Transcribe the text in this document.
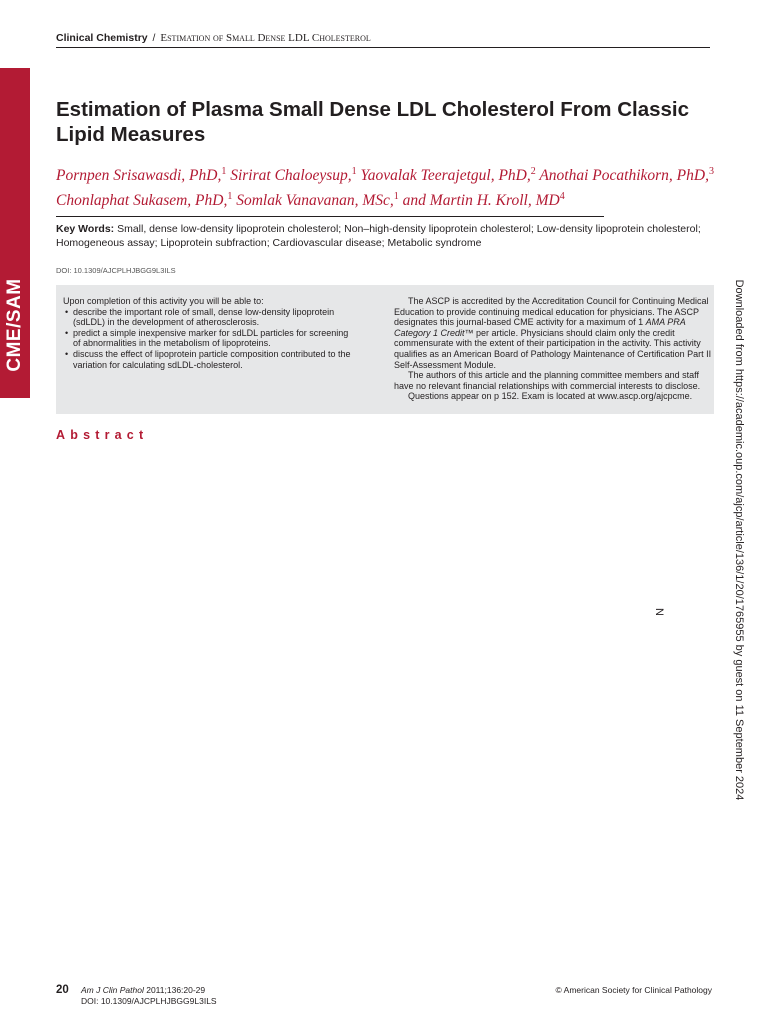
Clinical Chemistry / Estimation of Small Dense LDL Cholesterol
CME/SAM
Estimation of Plasma Small Dense LDL Cholesterol From Classic Lipid Measures
Pornpen Srisawasdi, PhD,$^1$ Sirirat Chaloeysup,$^1$ Yaovalak Teerajetgul, PhD,$^2$ Anothai Pocathikorn, PhD,$^3$
Chonlaphat Sukasem, PhD,$^1$ Somlak Vanavanan, MSc,$^1$ and Martin H. Kroll, $MD^4$
Key Words: Small, dense low-density lipoprotein cholesterol; Non–high-density lipoprotein cholesterol; Low-density lipoprotein cholesterol; Homogeneous assay; Lipoprotein subfraction; Cardiovascular disease; Metabolic syndrome
DOI: 10.1309/AJCPLHJBGG9L3ILS
Upon completion of this activity you will be able to:
• describe the important role of small, dense low-density lipoprotein (sdLDL) in the development of atherosclerosis.
• predict a simple inexpensive marker for sdLDL particles for screening of abnormalities in the metabolism of lipoproteins.
• discuss the effect of lipoprotein particle composition contributed to the variation for calculating sdLDL-cholesterol.

The ASCP is accredited by the Accreditation Council for Continuing Medical Education to provide continuing medical education for physicians. The ASCP designates this journal-based CME activity for a maximum of 1 AMA PRA Category 1 Credit™ per article. Physicians should claim only the credit commensurate with the extent of their participation in the activity. This activity qualifies as an American Board of Pathology Maintenance of Certification Part II Self-Assessment Module.

The authors of this article and the planning committee members and staff have no relevant financial relationships with commercial interests to disclose.

Questions appear on p 152. Exam is located at www.ascp.org/ajcpcme.

Abstract	Downloaded from https://academic.oup.com/ajcp/article/136/1/20/1765955 by guest on 11 September 2024
N
20 Am J Clin Pathol 2011;136:20-29
DOI: 10.1309/AJCPLHJBGG9L3ILS
© American Society for Clinical Pathology
